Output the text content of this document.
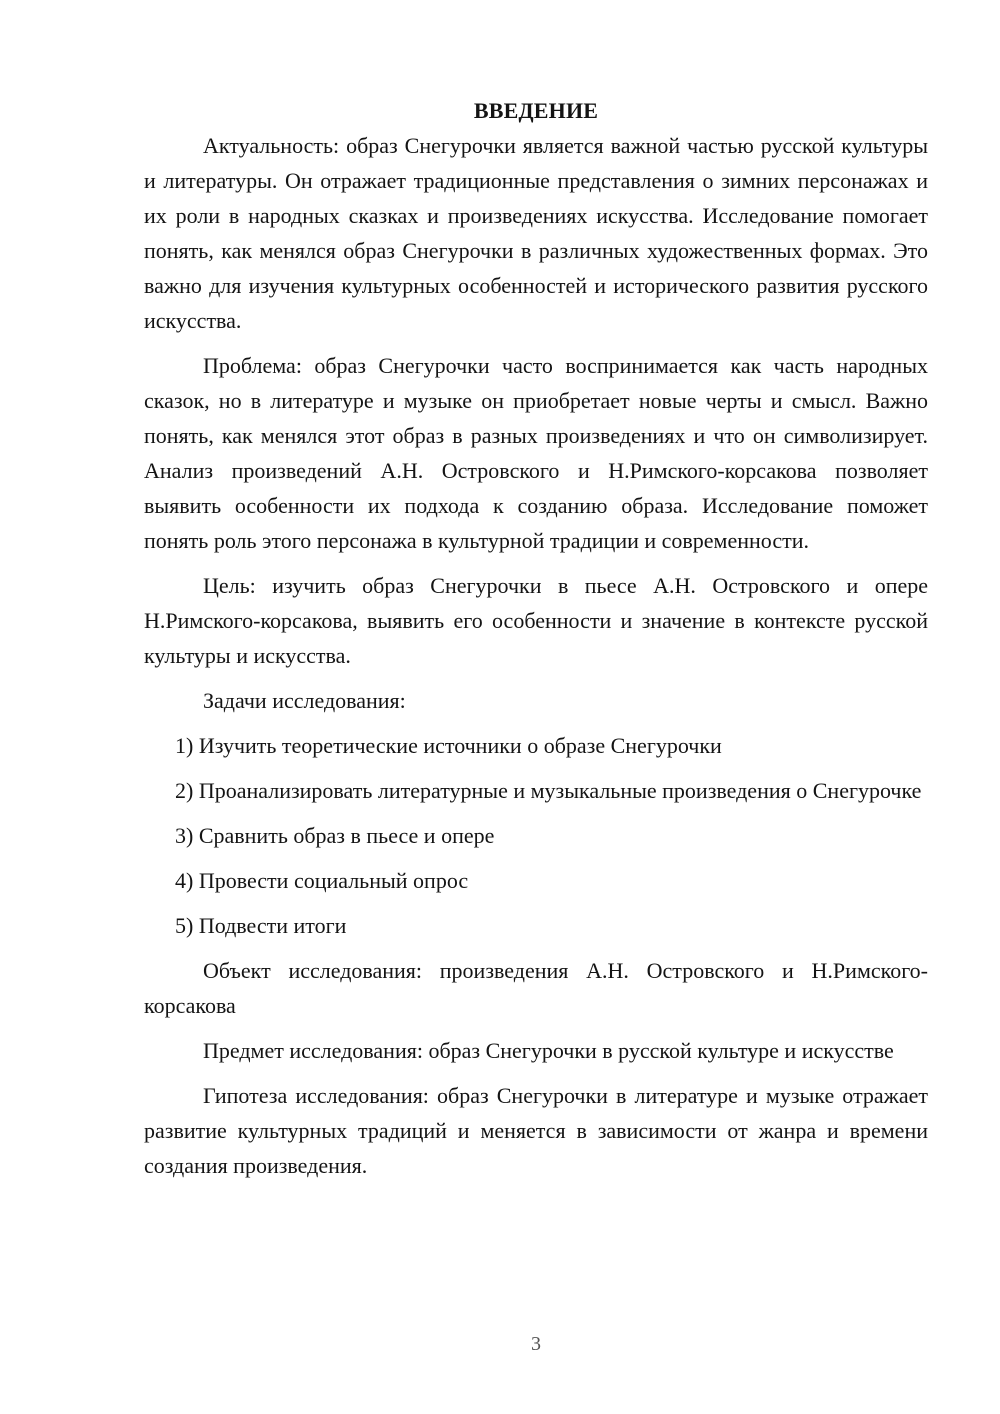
ВВЕДЕНИЕ

Актуальность: образ Снегурочки является важной частью русской культуры и литературы. Он отражает традиционные представления о зимних персонажах и их роли в народных сказках и произведениях искусства. Исследование помогает понять, как менялся образ Снегурочки в различных художественных формах. Это важно для изучения культурных особенностей и исторического развития русского искусства.

Проблема: образ Снегурочки часто воспринимается как часть народных сказок, но в литературе и музыке он приобретает новые черты и смысл. Важно понять, как менялся этот образ в разных произведениях и что он символизирует. Анализ произведений А.Н. Островского и Н.Римского-корсакова позволяет выявить особенности их подхода к созданию образа. Исследование поможет понять роль этого персонажа в культурной традиции и современности.

Цель: изучить образ Снегурочки в пьесе А.Н. Островского и опере Н.Римского-корсакова, выявить его особенности и значение в контексте русской культуры и искусства.

Задачи исследования:

1) Изучить теоретические источники о образе Снегурочки

2) Проанализировать литературные и музыкальные произведения о Снегурочке

3) Сравнить образ в пьесе и опере

4) Провести социальный опрос

5) Подвести итоги

Объект исследования: произведения А.Н. Островского и Н.Римского-корсакова

Предмет исследования: образ Снегурочки в русской культуре и искусстве

Гипотеза исследования: образ Снегурочки в литературе и музыке отражает развитие культурных традиций и меняется в зависимости от жанра и времени создания произведения.

3
